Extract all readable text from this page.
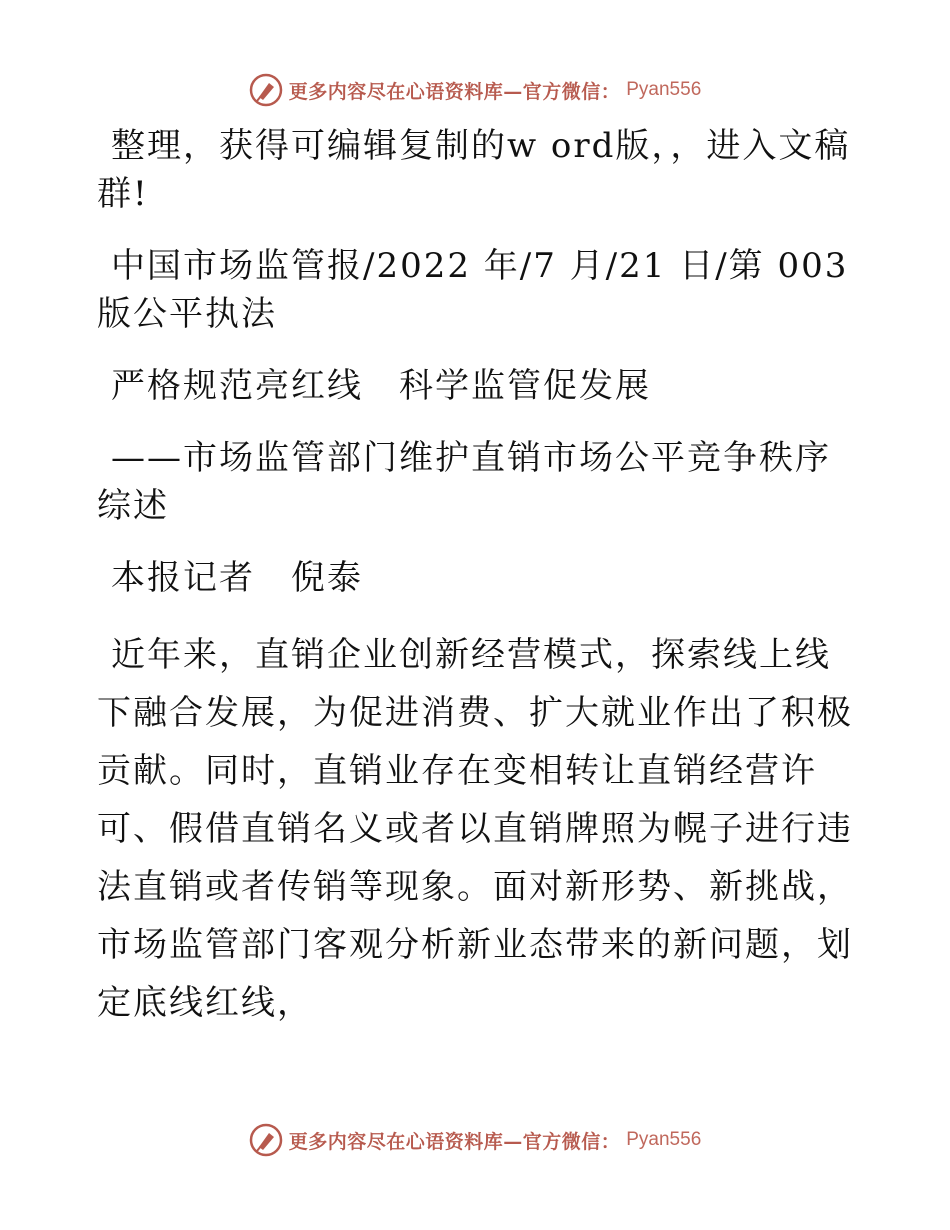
更多内容尽在心语资料库—官方微信： Pyan556

整理，获得可编辑复制的w ord版，，进入文稿群!

中国市场监管报/2022 年/7 月/21 日/第 003 版公平执法

严格规范亮红线　科学监管促发展

——市场监管部门维护直销市场公平竞争秩序综述

本报记者　倪泰

近年来，直销企业创新经营模式，探索线上线下融合发展，为促进消费、扩大就业作出了积极贡献。同时，直销业存在变相转让直销经营许可、假借直销名义或者以直销牌照为幌子进行违法直销或者传销等现象。面对新形势、新挑战，市场监管部门客观分析新业态带来的新问题，划定底线红线，

更多内容尽在心语资料库—官方微信： Pyan556
